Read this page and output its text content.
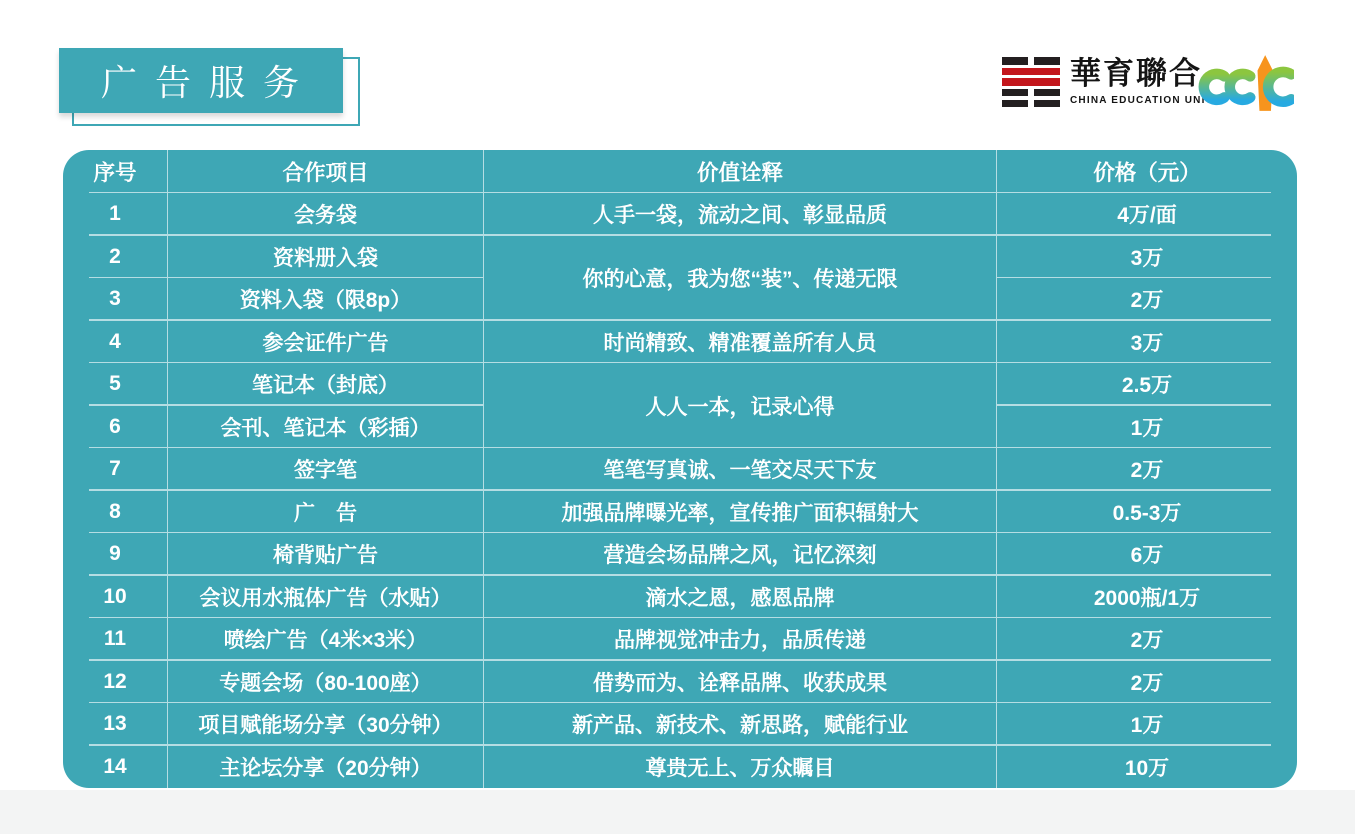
广告服务	華育聯合
CHINA EDUCATION UNION
序号	合作项目	价值诠释	价格（元）
1	会务袋	人手一袋，流动之间、彰显品质	4万/面
2	资料册入袋	你的心意，我为您“装”、传递无限	3万
3	资料入袋（限8p）		2万
4	参会证件广告	时尚精致、精准覆盖所有人员	3万
5	笔记本（封底）	人人一本，记录心得	2.5万
6	会刊、笔记本（彩插）		1万
7	签字笔	笔笔写真诚、一笔交尽天下友	2万
8	广　告	加强品牌曝光率，宣传推广面积辐射大	0.5-3万
9	椅背贴广告	营造会场品牌之风，记忆深刻	6万
10	会议用水瓶体广告（水贴）	滴水之恩，感恩品牌	2000瓶/1万
11	喷绘广告（4米×3米）	品牌视觉冲击力，品质传递	2万
12	专题会场（80-100座）	借势而为、诠释品牌、收获成果	2万
13	项目赋能场分享（30分钟）	新产品、新技术、新思路，赋能行业	1万
14	主论坛分享（20分钟）	尊贵无上、万众瞩目	10万
